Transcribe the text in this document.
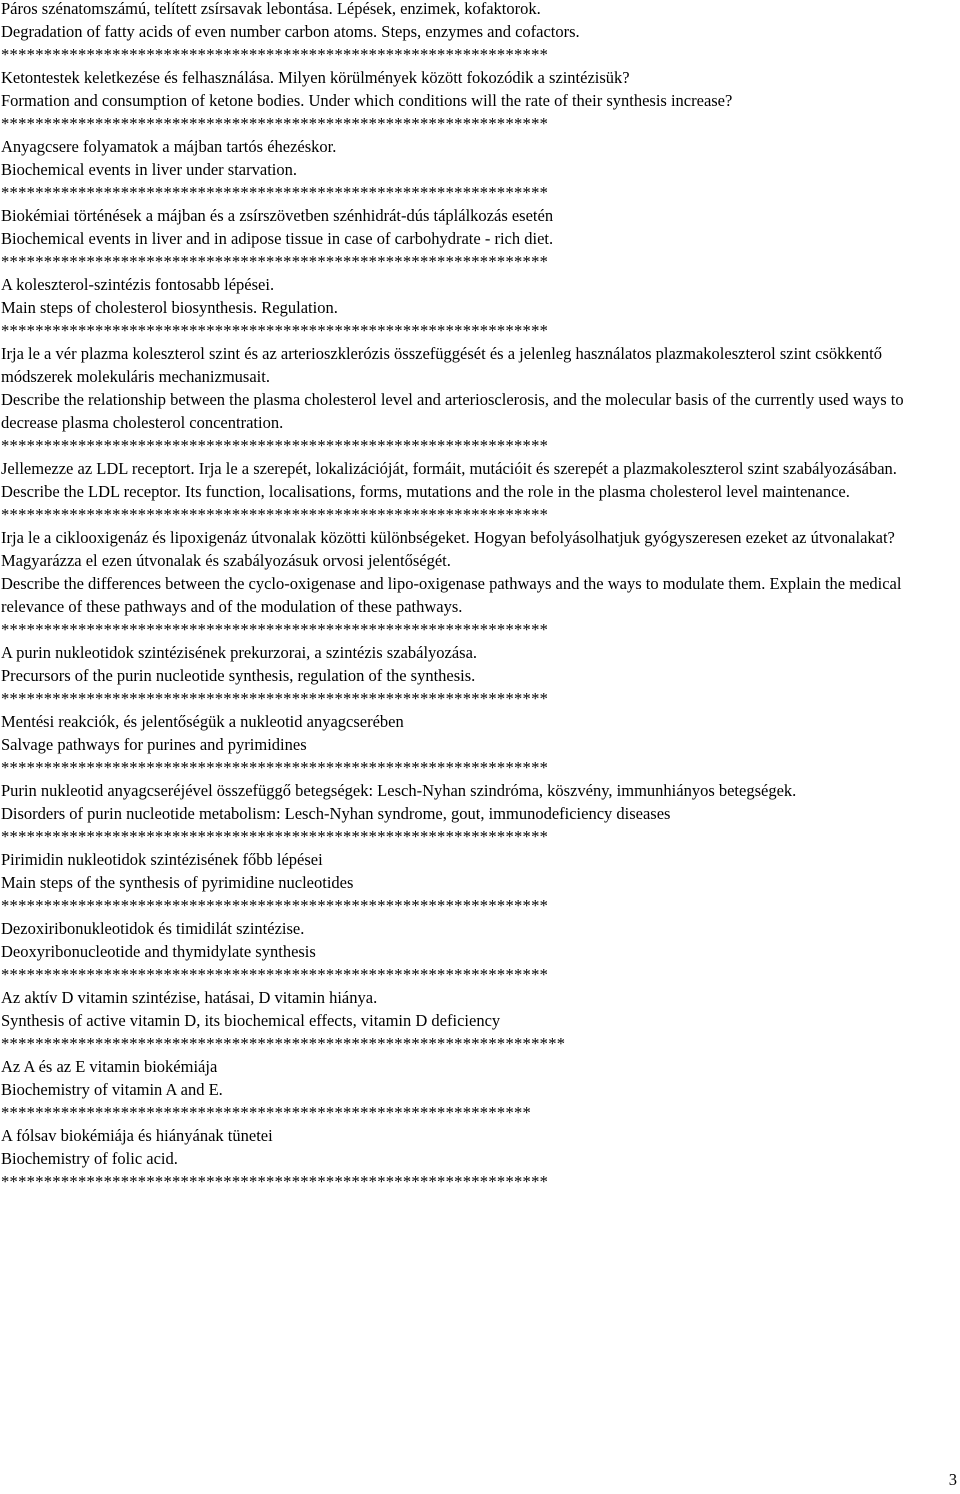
Páros szénatomszámú, telített zsírsavak lebontása. Lépések, enzimek, kofaktorok.

Degradation of fatty acids of even number carbon atoms. Steps, enzymes and cofactors.

****************************************************************

Ketontestek keletkezése és felhasználása. Milyen körülmények között fokozódik a szintézisük?

Formation and consumption of ketone bodies. Under which conditions will the rate of their synthesis increase?

****************************************************************

Anyagcsere folyamatok a májban tartós éhezéskor.

Biochemical events in liver under starvation.

****************************************************************

Biokémiai történések a májban és a zsírszövetben szénhidrát-dús táplálkozás esetén

Biochemical events in liver and in adipose tissue in case of carbohydrate - rich diet.

****************************************************************

A koleszterol-szintézis fontosabb lépései.

Main steps of cholesterol biosynthesis. Regulation.

****************************************************************

Irja le a vér plazma koleszterol szint és az arterioszklerózis összefüggését és a jelenleg használatos plazmakoleszterol szint csökkentő módszerek molekuláris mechanizmusait.

Describe the relationship between the plasma cholesterol level and arteriosclerosis, and the molecular basis of the currently used ways to decrease plasma cholesterol concentration.

****************************************************************

Jellemezze az LDL receptort. Irja le a szerepét, lokalizációját, formáit, mutációit és szerepét a plazmakoleszterol szint szabályozásában.

Describe the LDL receptor. Its function, localisations, forms, mutations and the role in the plasma cholesterol level maintenance.

****************************************************************

Irja le a ciklooxigenáz és lipoxigenáz útvonalak közötti különbségeket. Hogyan befolyásolhatjuk gyógyszeresen ezeket az útvonalakat? Magyarázza el ezen útvonalak és szabályozásuk orvosi jelentőségét.

Describe the differences between the cyclo-oxigenase and lipo-oxigenase pathways and the ways to modulate them. Explain the medical relevance of these pathways and of the modulation of these pathways.

****************************************************************

A purin nukleotidok szintézisének prekurzorai, a szintézis szabályozása.

Precursors of the purin nucleotide synthesis, regulation of the synthesis.

****************************************************************

Mentési reakciók, és jelentőségük a nukleotid anyagcserében

Salvage pathways for purines and pyrimidines

****************************************************************

Purin nukleotid anyagcseréjével összefüggő betegségek: Lesch-Nyhan szindróma, köszvény, immunhiányos betegségek.

Disorders of purin nucleotide metabolism: Lesch-Nyhan syndrome, gout, immunodeficiency diseases

****************************************************************

Pirimidin nukleotidok szintézisének főbb lépései

Main steps of the synthesis of pyrimidine nucleotides

****************************************************************

Dezoxiribonukleotidok és timidilát szintézise.

Deoxyribonucleotide and thymidylate synthesis

****************************************************************

Az aktív D vitamin szintézise, hatásai, D vitamin hiánya.

Synthesis of active vitamin D, its biochemical effects, vitamin D deficiency

******************************************************************

Az A és az E vitamin biokémiája

Biochemistry of vitamin A and E.

**************************************************************

A fólsav biokémiája és hiányának tünetei

Biochemistry of folic acid.

****************************************************************

3
